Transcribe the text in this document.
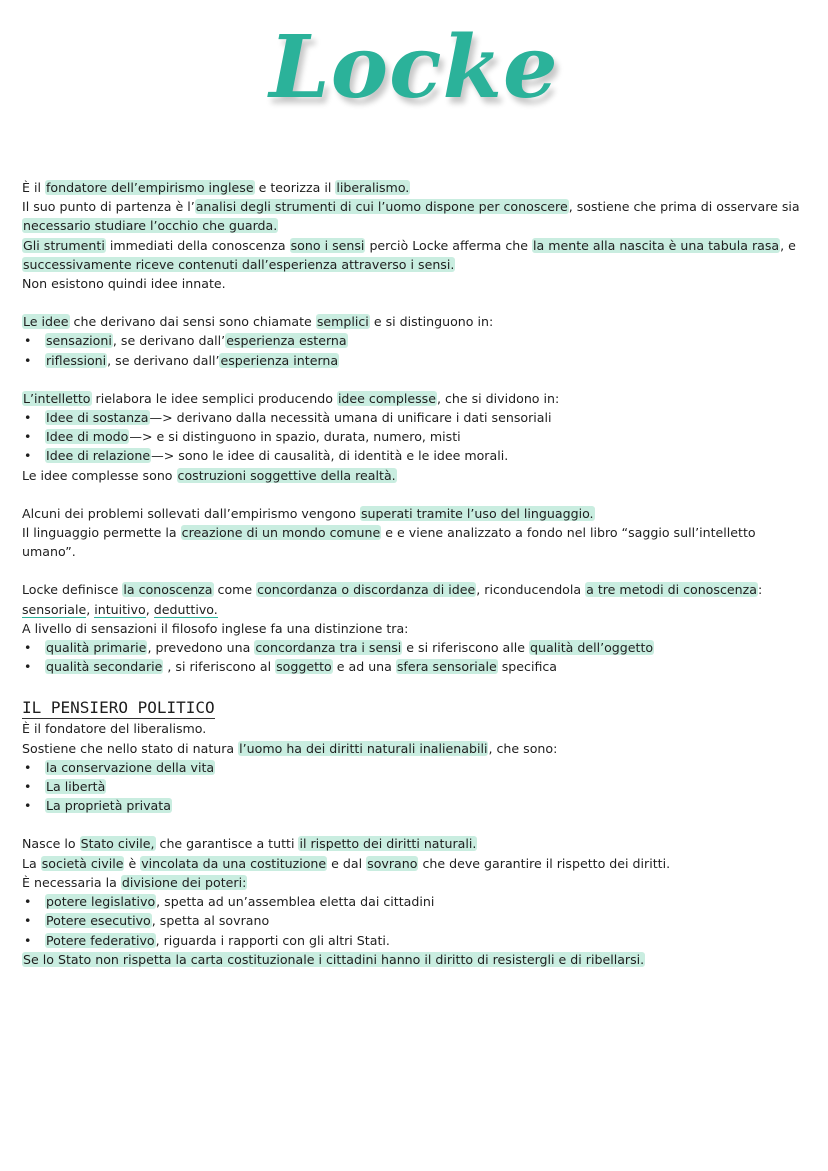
Locke

È il fondatore dell’empirismo inglese e teorizza il liberalismo.

Il suo punto di partenza è l’analisi degli strumenti di cui l’uomo dispone per conoscere, sostiene che prima di osservare sia necessario studiare l’occhio che guarda.

Gli strumenti immediati della conoscenza sono i sensi perciò Locke afferma che la mente alla nascita è una tabula rasa, e successivamente riceve contenuti dall’esperienza attraverso i sensi.

Non esistono quindi idee innate.

Le idee che derivano dai sensi sono chiamate semplici e si distinguono in:

• sensazioni, se derivano dall’esperienza esterna
• riflessioni, se derivano dall’esperienza interna

L’intelletto rielabora le idee semplici producendo idee complesse, che si dividono in:

• Idee di sostanza—> derivano dalla necessità umana di unificare i dati sensoriali
• Idee di modo—> e si distinguono in spazio, durata, numero, misti
• Idee di relazione—> sono le idee di causalità, di identità e le idee morali.

Le idee complesse sono costruzioni soggettive della realtà.

Alcuni dei problemi sollevati dall’empirismo vengono superati tramite l’uso del linguaggio.

Il linguaggio permette la creazione di un mondo comune e e viene analizzato a fondo nel libro “saggio sull’intelletto umano”.

Locke definisce la conoscenza come concordanza o discordanza di idee, riconducendola a tre metodi di conoscenza: sensoriale, intuitivo, deduttivo.

A livello di sensazioni il filosofo inglese fa una distinzione tra:

• qualità primarie, prevedono una concordanza tra i sensi e si riferiscono alle qualità dell’oggetto
• qualità secondarie , si riferiscono al soggetto e ad una sfera sensoriale specifica
IL PENSIERO POLITICO

È il fondatore del liberalismo.

Sostiene che nello stato di natura l’uomo ha dei diritti naturali inalienabili, che sono:

• la conservazione della vita
• La libertà
• La proprietà privata

Nasce lo Stato civile, che garantisce a tutti il rispetto dei diritti naturali.

La società civile è vincolata da una costituzione e dal sovrano che deve garantire il rispetto dei diritti.

È necessaria la divisione dei poteri:

• potere legislativo, spetta ad un’assemblea eletta dai cittadini
• Potere esecutivo, spetta al sovrano
• Potere federativo, riguarda i rapporti con gli altri Stati.

Se lo Stato non rispetta la carta costituzionale i cittadini hanno il diritto di resistergli e di ribellarsi.
